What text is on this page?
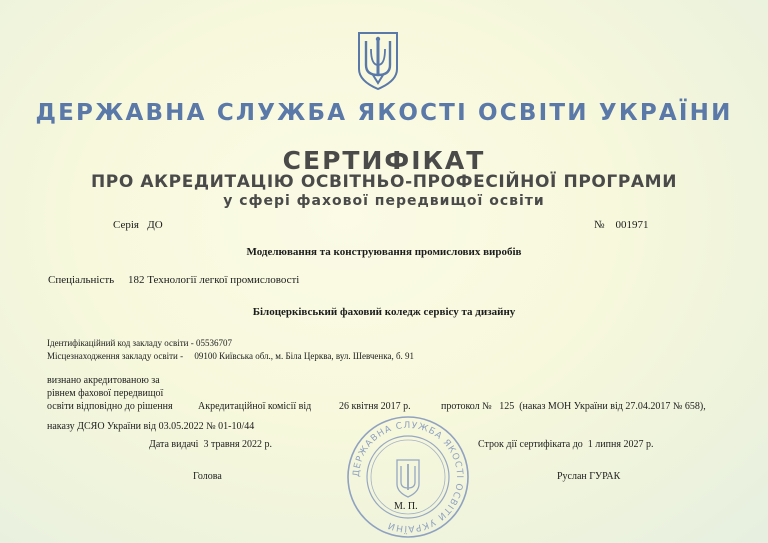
ДЕРЖАВНА СЛУЖБА ЯКОСТІ ОСВІТИ УКРАЇНИ
СЕРТИФІКАТ
ПРО АКРЕДИТАЦІЮ ОСВІТНЬО-ПРОФЕСІЙНОЇ ПРОГРАМИ
у сфері фахової передвищої освіти
Серія ДО	№ 001971
Моделювання та конструювання промислових виробів
Спеціальність 182 Технології легкої промисловості
Білоцерківський фаховий коледж сервісу та дизайну
Ідентифікаційний код закладу освіти - 05536707
Місцезнаходження закладу освіти - 09100 Київська обл., м. Біла Церква, вул. Шевченка, б. 91
визнано акредитованою за
рівнем фахової передвищої
освіти відповідно до рішення	Акредитаційної комісії від	26 квітня 2017 р.	протокол № 125 (наказ МОН України від 27.04.2017 № 658),
наказу ДСЯО України від 03.05.2022 № 01-10/44
Дата видачі 3 травня 2022 р.	Строк дії сертифіката до 1 липня 2027 р.
Голова	Руслан ГУРАК
ДЕРЖАВНА СЛУЖБА ЯКОСТІ ОСВІТИ УКРАЇНИ
М. П.
